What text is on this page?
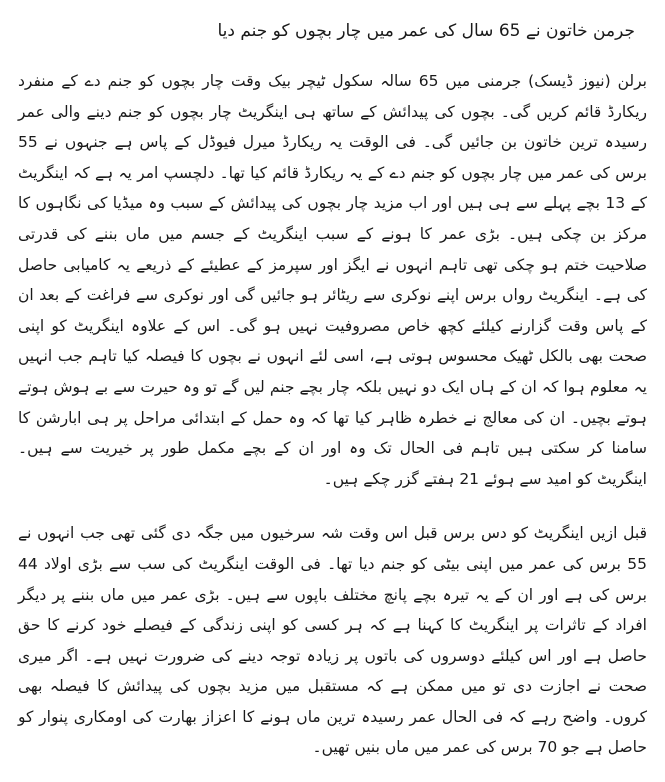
جرمن خاتون نے 65 سال کی عمر میں چار بچوں کو جنم دیا

برلن (نیوز ڈیسک) جرمنی میں 65 سالہ سکول ٹیچر بیک وقت چار بچوں کو جنم دے کے منفرد ریکارڈ قائم کریں گی۔ بچوں کی پیدائش کے ساتھ ہی اینگریٹ چار بچوں کو جنم دینے والی عمر رسیدہ ترین خاتون بن جائیں گی۔ فی الوقت یہ ریکارڈ میرل فیوڈل کے پاس ہے جنہوں نے 55 برس کی عمر میں چار بچوں کو جنم دے کے یہ ریکارڈ قائم کیا تھا۔ دلچسپ امر یہ ہے کہ اینگریٹ کے 13 بچے پہلے سے ہی ہیں اور اب مزید چار بچوں کی پیدائش کے سبب وہ میڈیا کی نگاہوں کا مرکز بن چکی ہیں۔ بڑی عمر کا ہونے کے سبب اینگریٹ کے جسم میں ماں بننے کی قدرتی صلاحیت ختم ہو چکی تھی تاہم انہوں نے ایگز اور سپرمز کے عطیئے کے ذریعے یہ کامیابی حاصل کی ہے۔ اینگریٹ رواں برس اپنے نوکری سے ریٹائر ہو جائیں گی اور نوکری سے فراغت کے بعد ان کے پاس وقت گزارنے کیلئے کچھ خاص مصروفیت نہیں ہو گی۔ اس کے علاوہ اینگریٹ کو اپنی صحت بھی بالکل ٹھیک محسوس ہوتی ہے، اسی لئے انہوں نے بچوں کا فیصلہ کیا تاہم جب انہیں یہ معلوم ہوا کہ ان کے ہاں ایک دو نہیں بلکہ چار بچے جنم لیں گے تو وہ حیرت سے بے ہوش ہوتے ہوتے بچیں۔ ان کی معالج نے خطرہ ظاہر کیا تھا کہ وہ حمل کے ابتدائی مراحل پر ہی ابارشن کا سامنا کر سکتی ہیں تاہم فی الحال تک وہ اور ان کے بچے مکمل طور پر خیریت سے ہیں۔ اینگریٹ کو امید سے ہوئے 21 ہفتے گزر چکے ہیں۔

قبل ازیں اینگریٹ کو دس برس قبل اس وقت شہ سرخیوں میں جگہ دی گئی تھی جب انہوں نے 55 برس کی عمر میں اپنی بیٹی کو جنم دیا تھا۔ فی الوقت اینگریٹ کی سب سے بڑی اولاد 44 برس کی ہے اور ان کے یہ تیرہ بچے پانچ مختلف باپوں سے ہیں۔ بڑی عمر میں ماں بننے پر دیگر افراد کے تاثرات پر اینگریٹ کا کہنا ہے کہ ہر کسی کو اپنی زندگی کے فیصلے خود کرنے کا حق حاصل ہے اور اس کیلئے دوسروں کی باتوں پر زیادہ توجہ دینے کی ضرورت نہیں ہے۔ اگر میری صحت نے اجازت دی تو میں ممکن ہے کہ مستقبل میں مزید بچوں کی پیدائش کا فیصلہ بھی کروں۔ واضح رہے کہ فی الحال عمر رسیدہ ترین ماں ہونے کا اعزاز بھارت کی اومکاری پنوار کو حاصل ہے جو 70 برس کی عمر میں ماں بنیں تھیں۔
